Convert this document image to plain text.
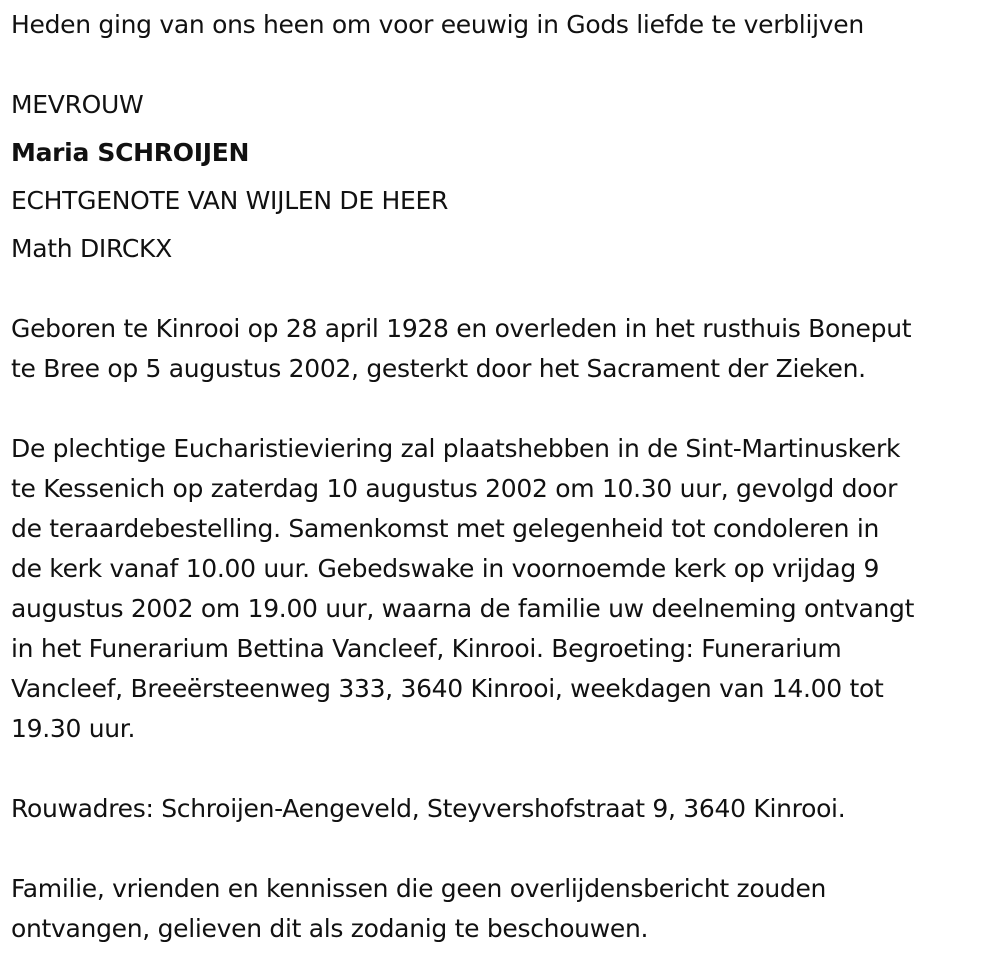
Heden ging van ons heen om voor eeuwig in Gods liefde te verblijven
MEVROUW
Maria SCHROIJEN
ECHTGENOTE VAN WIJLEN DE HEER
Math DIRCKX
Geboren te Kinrooi op 28 april 1928 en overleden in het rusthuis Boneput
te Bree op 5 augustus 2002, gesterkt door het Sacrament der Zieken.
De plechtige Eucharistieviering zal plaatshebben in de Sint-Martinuskerk
te Kessenich op zaterdag 10 augustus 2002 om 10.30 uur, gevolgd door
de teraardebestelling. Samenkomst met gelegenheid tot condoleren in
de kerk vanaf 10.00 uur. Gebedswake in voornoemde kerk op vrijdag 9
augustus 2002 om 19.00 uur, waarna de familie uw deelneming ontvangt
in het Funerarium Bettina Vancleef, Kinrooi. Begroeting: Funerarium
Vancleef, Breeërsteenweg 333, 3640 Kinrooi, weekdagen van 14.00 tot
19.30 uur.
Rouwadres: Schroijen-Aengeveld, Steyvershofstraat 9, 3640 Kinrooi.
Familie, vrienden en kennissen die geen overlijdensbericht zouden
ontvangen, gelieven dit als zodanig te beschouwen.
